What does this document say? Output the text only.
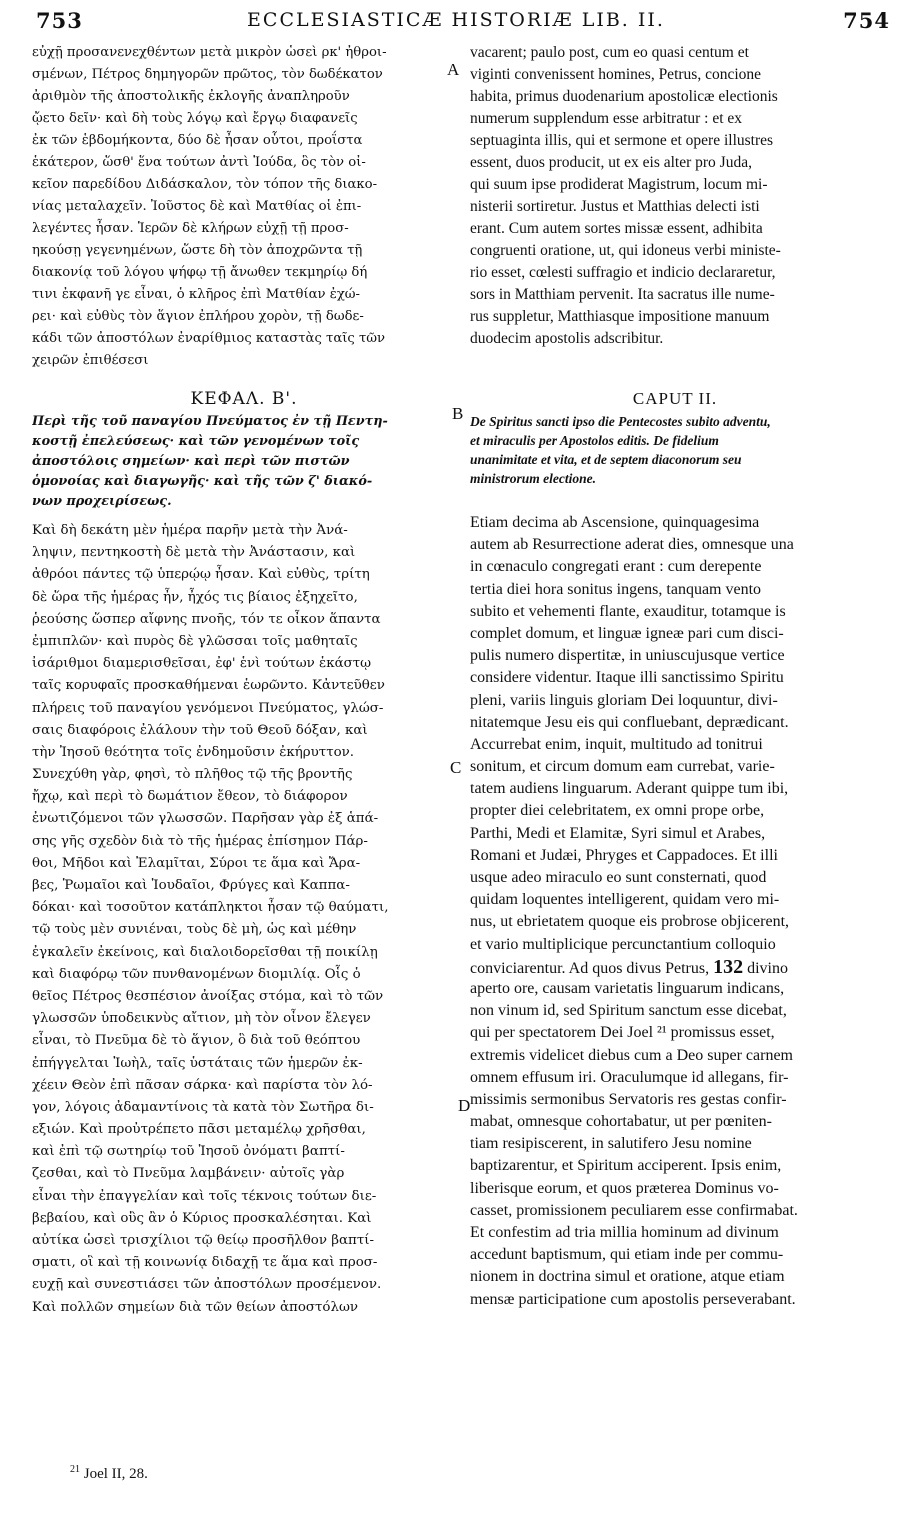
753	ECCLESIASTICÆ HISTORIÆ LIB. II.	754
A
B
C
D
εὐχῇ προσανενεχθέντων μετὰ μικρὸν ὡσεὶ ρκ' ἠθροι-
σμένων, Πέτρος δημηγορῶν πρῶτος, τὸν δωδέκατον
ἀριθμὸν τῆς ἀποστολικῆς ἐκλογῆς ἀναπληροῦν
ᾤετο δεῖν· καὶ δὴ τοὺς λόγῳ καὶ ἔργῳ διαφανεῖς
ἐκ τῶν ἑβδομήκοντα, δύο δὲ ἦσαν οὗτοι, προΐστα
ἑκάτερον, ὥσθ' ἕνα τούτων ἀντὶ Ἰούδα, ὃς τὸν οἰ-
κεῖον παρεδίδου Διδάσκαλον, τὸν τόπον τῆς διακο-
νίας μεταλαχεῖν. Ἰοῦστος δὲ καὶ Ματθίας οἱ ἐπι-
λεγέντες ἦσαν. Ἱερῶν δὲ κλήρων εὐχῇ τῇ προσ-
ηκούσῃ γεγενημένων, ὥστε δὴ τὸν ἀποχρῶντα τῇ
διακονίᾳ τοῦ λόγου ψήφῳ τῇ ἄνωθεν τεκμηρίῳ δή
τινι ἐκφανῆ γε εἶναι, ὁ κλῆρος ἐπὶ Ματθίαν ἐχώ-
ρει· καὶ εὐθὺς τὸν ἅγιον ἐπλήρου χορὸν, τῇ δωδε-
κάδι τῶν ἀποστόλων ἐναρίθμιος καταστὰς ταῖς τῶν
χειρῶν ἐπιθέσεσι
ΚΕΦΑΛ. Β'.
Περὶ τῆς τοῦ παναγίου Πνεύματος ἐν τῇ Πεντη-
κοστῇ ἐπελεύσεως· καὶ τῶν γενομένων τοῖς
ἀποστόλοις σημείων· καὶ περὶ τῶν πιστῶν
ὁμονοίας καὶ διαγωγῆς· καὶ τῆς τῶν ζ' διακό-
νων προχειρίσεως.
Καὶ δὴ δεκάτη μὲν ἡμέρα παρῆν μετὰ τὴν Ἀνά-
ληψιν, πεντηκοστὴ δὲ μετὰ τὴν Ἀνάστασιν, καὶ
ἀθρόοι πάντες τῷ ὑπερῴῳ ἦσαν. Καὶ εὐθὺς, τρίτη
δὲ ὥρα τῆς ἡμέρας ἦν, ἦχός τις βίαιος ἐξηχεῖτο,
ῥεούσης ὥσπερ αἴφνης πνοῆς, τόν τε οἶκον ἅπαντα
ἐμπιπλῶν· καὶ πυρὸς δὲ γλῶσσαι τοῖς μαθηταῖς
ἰσάριθμοι διαμερισθεῖσαι, ἐφ' ἑνὶ τούτων ἑκάστῳ
ταῖς κορυφαῖς προσκαθήμεναι ἑωρῶντο. Κἀντεῦθεν
πλήρεις τοῦ παναγίου γενόμενοι Πνεύματος, γλώσ-
σαις διαφόροις ἐλάλουν τὴν τοῦ Θεοῦ δόξαν, καὶ
τὴν Ἰησοῦ θεότητα τοῖς ἐνδημοῦσιν ἐκήρυττον.
Συνεχύθη γὰρ, φησὶ, τὸ πλῆθος τῷ τῆς βροντῆς
ἤχῳ, καὶ περὶ τὸ δωμάτιον ἔθεον, τὸ διάφορον
ἐνωτιζόμενοι τῶν γλωσσῶν. Παρῆσαν γὰρ ἐξ ἁπά-
σης γῆς σχεδὸν διὰ τὸ τῆς ἡμέρας ἐπίσημον Πάρ-
θοι, Μῆδοι καὶ Ἐλαμῖται, Σύροι τε ἅμα καὶ Ἄρα-
βες, Ῥωμαῖοι καὶ Ἰουδαῖοι, Φρύγες καὶ Καππα-
δόκαι· καὶ τοσοῦτον κατάπληκτοι ἦσαν τῷ θαύματι,
τῷ τοὺς μὲν συνιέναι, τοὺς δὲ μὴ, ὡς καὶ μέθην
ἐγκαλεῖν ἐκείνοις, καὶ διαλοιδορεῖσθαι τῇ ποικίλῃ
καὶ διαφόρῳ τῶν πυνθανομένων διομιλίᾳ. Οἷς ὁ
θεῖος Πέτρος θεσπέσιον ἀνοίξας στόμα, καὶ τὸ τῶν
γλωσσῶν ὑποδεικνὺς αἴτιον, μὴ τὸν οἶνον ἔλεγεν
εἶναι, τὸ Πνεῦμα δὲ τὸ ἅγιον, ὃ διὰ τοῦ θεόπτου
ἐπήγγελται Ἰωὴλ, ταῖς ὑστάταις τῶν ἡμερῶν ἐκ-
χέειν Θεὸν ἐπὶ πᾶσαν σάρκα· καὶ παρίστα τὸν λό-
γον, λόγοις ἀδαμαντίνοις τὰ κατὰ τὸν Σωτῆρα δι-
εξιών. Καὶ προὐτρέπετο πᾶσι μεταμέλῳ χρῆσθαι,
καὶ ἐπὶ τῷ σωτηρίῳ τοῦ Ἰησοῦ ὀνόματι βαπτί-
ζεσθαι, καὶ τὸ Πνεῦμα λαμβάνειν· αὐτοῖς γὰρ
εἶναι τὴν ἐπαγγελίαν καὶ τοῖς τέκνοις τούτων διε-
βεβαίου, καὶ οὓς ἂν ὁ Κύριος προσκαλέσηται. Καὶ
αὐτίκα ὡσεὶ τρισχίλιοι τῷ θείῳ προσῆλθον βαπτί-
σματι, οἳ καὶ τῇ κοινωνίᾳ διδαχῇ τε ἅμα καὶ προσ-
ευχῇ καὶ συνεστιάσει τῶν ἀποστόλων προσέμενον.
Καὶ πολλῶν σημείων διὰ τῶν θείων ἀποστόλων
vacarent; paulo post, cum eo quasi centum et
viginti convenissent homines, Petrus, concione
habita, primus duodenarium apostolicæ electionis
numerum supplendum esse arbitratur : et ex
septuaginta illis, qui et sermone et opere illustres
essent, duos producit, ut ex eis alter pro Juda,
qui suum ipse prodiderat Magistrum, locum mi-
nisterii sortiretur. Justus et Matthias delecti isti
erant. Cum autem sortes missæ essent, adhibita
congruenti oratione, ut, qui idoneus verbi ministe-
rio esset, cœlesti suffragio et indicio declararetur,
sors in Matthiam pervenit. Ita sacratus ille nume-
rus suppletur, Matthiasque impositione manuum
duodecim apostolis adscribitur.
CAPUT II.
De Spiritus sancti ipso die Pentecostes subito adventu,
et miraculis per Apostolos editis. De fidelium
unanimitate et vita, et de septem diaconorum seu
ministrorum electione.
Etiam decima ab Ascensione, quinquagesima
autem ab Resurrectione aderat dies, omnesque una
in cœnaculo congregati erant : cum derepente
tertia diei hora sonitus ingens, tanquam vento
subito et vehementi flante, exauditur, totamque is
complet domum, et linguæ igneæ pari cum disci-
pulis numero dispertitæ, in uniuscujusque vertice
considere videntur. Itaque illi sanctissimo Spiritu
pleni, variis linguis gloriam Dei loquuntur, divi-
nitatemque Jesu eis qui confluebant, deprædicant.
Accurrebat enim, inquit, multitudo ad tonitrui
sonitum, et circum domum eam currebat, varie-
tatem audiens linguarum. Aderant quippe tum ibi,
propter diei celebritatem, ex omni prope orbe,
Parthi, Medi et Elamitæ, Syri simul et Arabes,
Romani et Judæi, Phryges et Cappadoces. Et illi
usque adeo miraculo eo sunt consternati, quod
quidam loquentes intelligerent, quidam vero mi-
nus, ut ebrietatem quoque eis probrose objicerent,
et vario multiplicique percunctantium colloquio
conviciarentur. Ad quos divus Petrus, 132 divino
aperto ore, causam varietatis linguarum indicans,
non vinum id, sed Spiritum sanctum esse dicebat,
qui per spectatorem Dei Joel ²¹ promissus esset,
extremis videlicet diebus cum a Deo super carnem
omnem effusum iri. Oraculumque id allegans, fir-
missimis sermonibus Servatoris res gestas confir-
mabat, omnesque cohortabatur, ut per pœniten-
tiam resipiscerent, in salutifero Jesu nomine
baptizarentur, et Spiritum acciperent. Ipsis enim,
liberisque eorum, et quos præterea Dominus vo-
casset, promissionem peculiarem esse confirmabat.
Et confestim ad tria millia hominum ad divinum
accedunt baptismum, qui etiam inde per commu-
nionem in doctrina simul et oratione, atque etiam
mensæ participatione cum apostolis perseverabant.
$^{21}$ Joel II, 28.
